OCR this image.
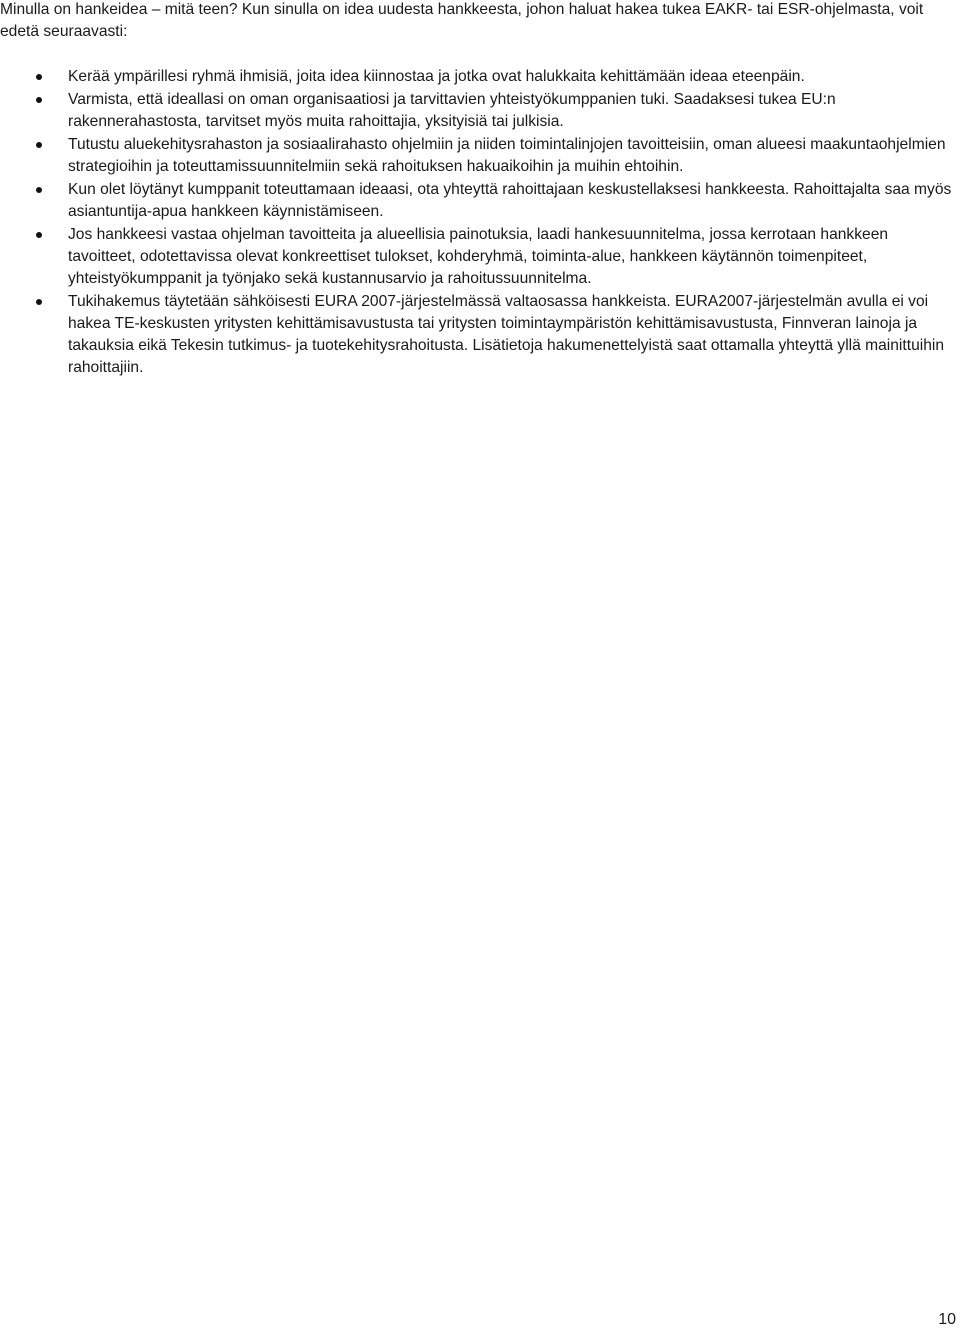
Minulla on hankeidea – mitä teen? Kun sinulla on idea uudesta hankkeesta, johon haluat hakea tukea EAKR- tai ESR-ohjelmasta, voit edetä seuraavasti:

Kerää ympärillesi ryhmä ihmisiä, joita idea kiinnostaa ja jotka ovat halukkaita kehittämään ideaa eteenpäin.
Varmista, että ideallasi on oman organisaatiosi ja tarvittavien yhteistyökumppanien tuki. Saadaksesi tukea EU:n rakennerahastosta, tarvitset myös muita rahoittajia, yksityisiä tai julkisia.
Tutustu aluekehitysrahaston ja sosiaalirahasto ohjelmiin ja niiden toimintalinjojen tavoitteisiin, oman alueesi maakuntaohjelmien strategioihin ja toteuttamissuunnitelmiin sekä rahoituksen hakuaikoihin ja muihin ehtoihin.
Kun olet löytänyt kumppanit toteuttamaan ideaasi, ota yhteyttä rahoittajaan keskustellaksesi hankkeesta. Rahoittajalta saa myös asiantuntija-apua hankkeen käynnistämiseen.
Jos hankkeesi vastaa ohjelman tavoitteita ja alueellisia painotuksia, laadi hankesuunnitelma, jossa kerrotaan hankkeen tavoitteet, odotettavissa olevat konkreettiset tulokset, kohderyhmä, toiminta-alue, hankkeen käytännön toimenpiteet, yhteistyökumppanit ja työnjako sekä kustannusarvio ja rahoitussuunnitelma.
Tukihakemus täytetään sähköisesti EURA 2007-järjestelmässä valtaosassa hankkeista. EURA2007-järjestelmän avulla ei voi hakea TE-keskusten yritysten kehittämisavustusta tai yritysten toimintaympäristön kehittämisavustusta, Finnveran lainoja ja takauksia eikä Tekesin tutkimus- ja tuotekehitysrahoitusta. Lisätietoja hakumenettelyistä saat ottamalla yhteyttä yllä mainittuihin rahoittajiin.
10
